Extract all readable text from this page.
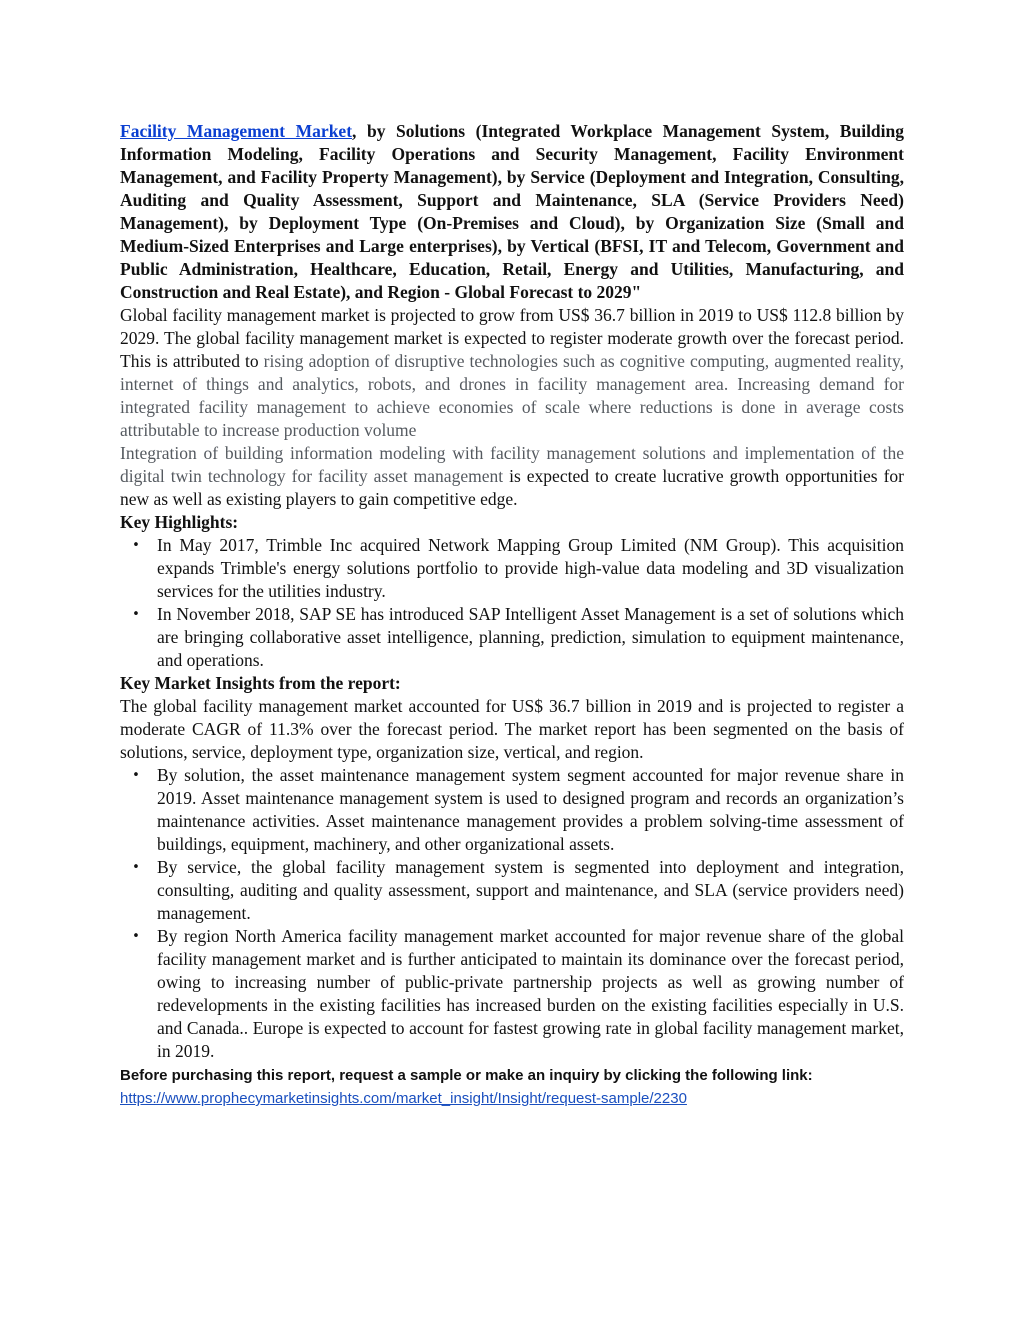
Facility Management Market, by Solutions (Integrated Workplace Management System, Building Information Modeling, Facility Operations and Security Management, Facility Environment Management, and Facility Property Management), by Service (Deployment and Integration, Consulting, Auditing and Quality Assessment, Support and Maintenance, SLA (Service Providers Need) Management), by Deployment Type (On-Premises and Cloud), by Organization Size (Small and Medium-Sized Enterprises and Large enterprises), by Vertical (BFSI, IT and Telecom, Government and Public Administration, Healthcare, Education, Retail, Energy and Utilities, Manufacturing, and Construction and Real Estate), and Region - Global Forecast to 2029"

Global facility management market is projected to grow from US$ 36.7 billion in 2019 to US$ 112.8 billion by 2029. The global facility management market is expected to register moderate growth over the forecast period. This is attributed to rising adoption of disruptive technologies such as cognitive computing, augmented reality, internet of things and analytics, robots, and drones in facility management area. Increasing demand for integrated facility management to achieve economies of scale where reductions is done in average costs attributable to increase production volume

Integration of building information modeling with facility management solutions and implementation of the digital twin technology for facility asset management is expected to create lucrative growth opportunities for new as well as existing players to gain competitive edge.

Key Highlights:

• In May 2017, Trimble Inc acquired Network Mapping Group Limited (NM Group). This acquisition expands Trimble's energy solutions portfolio to provide high-value data modeling and 3D visualization services for the utilities industry.
• In November 2018, SAP SE has introduced SAP Intelligent Asset Management is a set of solutions which are bringing collaborative asset intelligence, planning, prediction, simulation to equipment maintenance, and operations.

Key Market Insights from the report:

The global facility management market accounted for US$ 36.7 billion in 2019 and is projected to register a moderate CAGR of 11.3% over the forecast period. The market report has been segmented on the basis of solutions, service, deployment type, organization size, vertical, and region.

• By solution, the asset maintenance management system segment accounted for major revenue share in 2019. Asset maintenance management system is used to designed program and records an organization’s maintenance activities. Asset maintenance management provides a problem solving-time assessment of buildings, equipment, machinery, and other organizational assets.
• By service, the global facility management system is segmented into deployment and integration, consulting, auditing and quality assessment, support and maintenance, and SLA (service providers need) management.
• By region North America facility management market accounted for major revenue share of the global facility management market and is further anticipated to maintain its dominance over the forecast period, owing to increasing number of public-private partnership projects as well as growing number of redevelopments in the existing facilities has increased burden on the existing facilities especially in U.S. and Canada.. Europe is expected to account for fastest growing rate in global facility management market, in 2019.

Before purchasing this report, request a sample or make an inquiry by clicking the following link:

https://www.prophecymarketinsights.com/market_insight/Insight/request-sample/2230
